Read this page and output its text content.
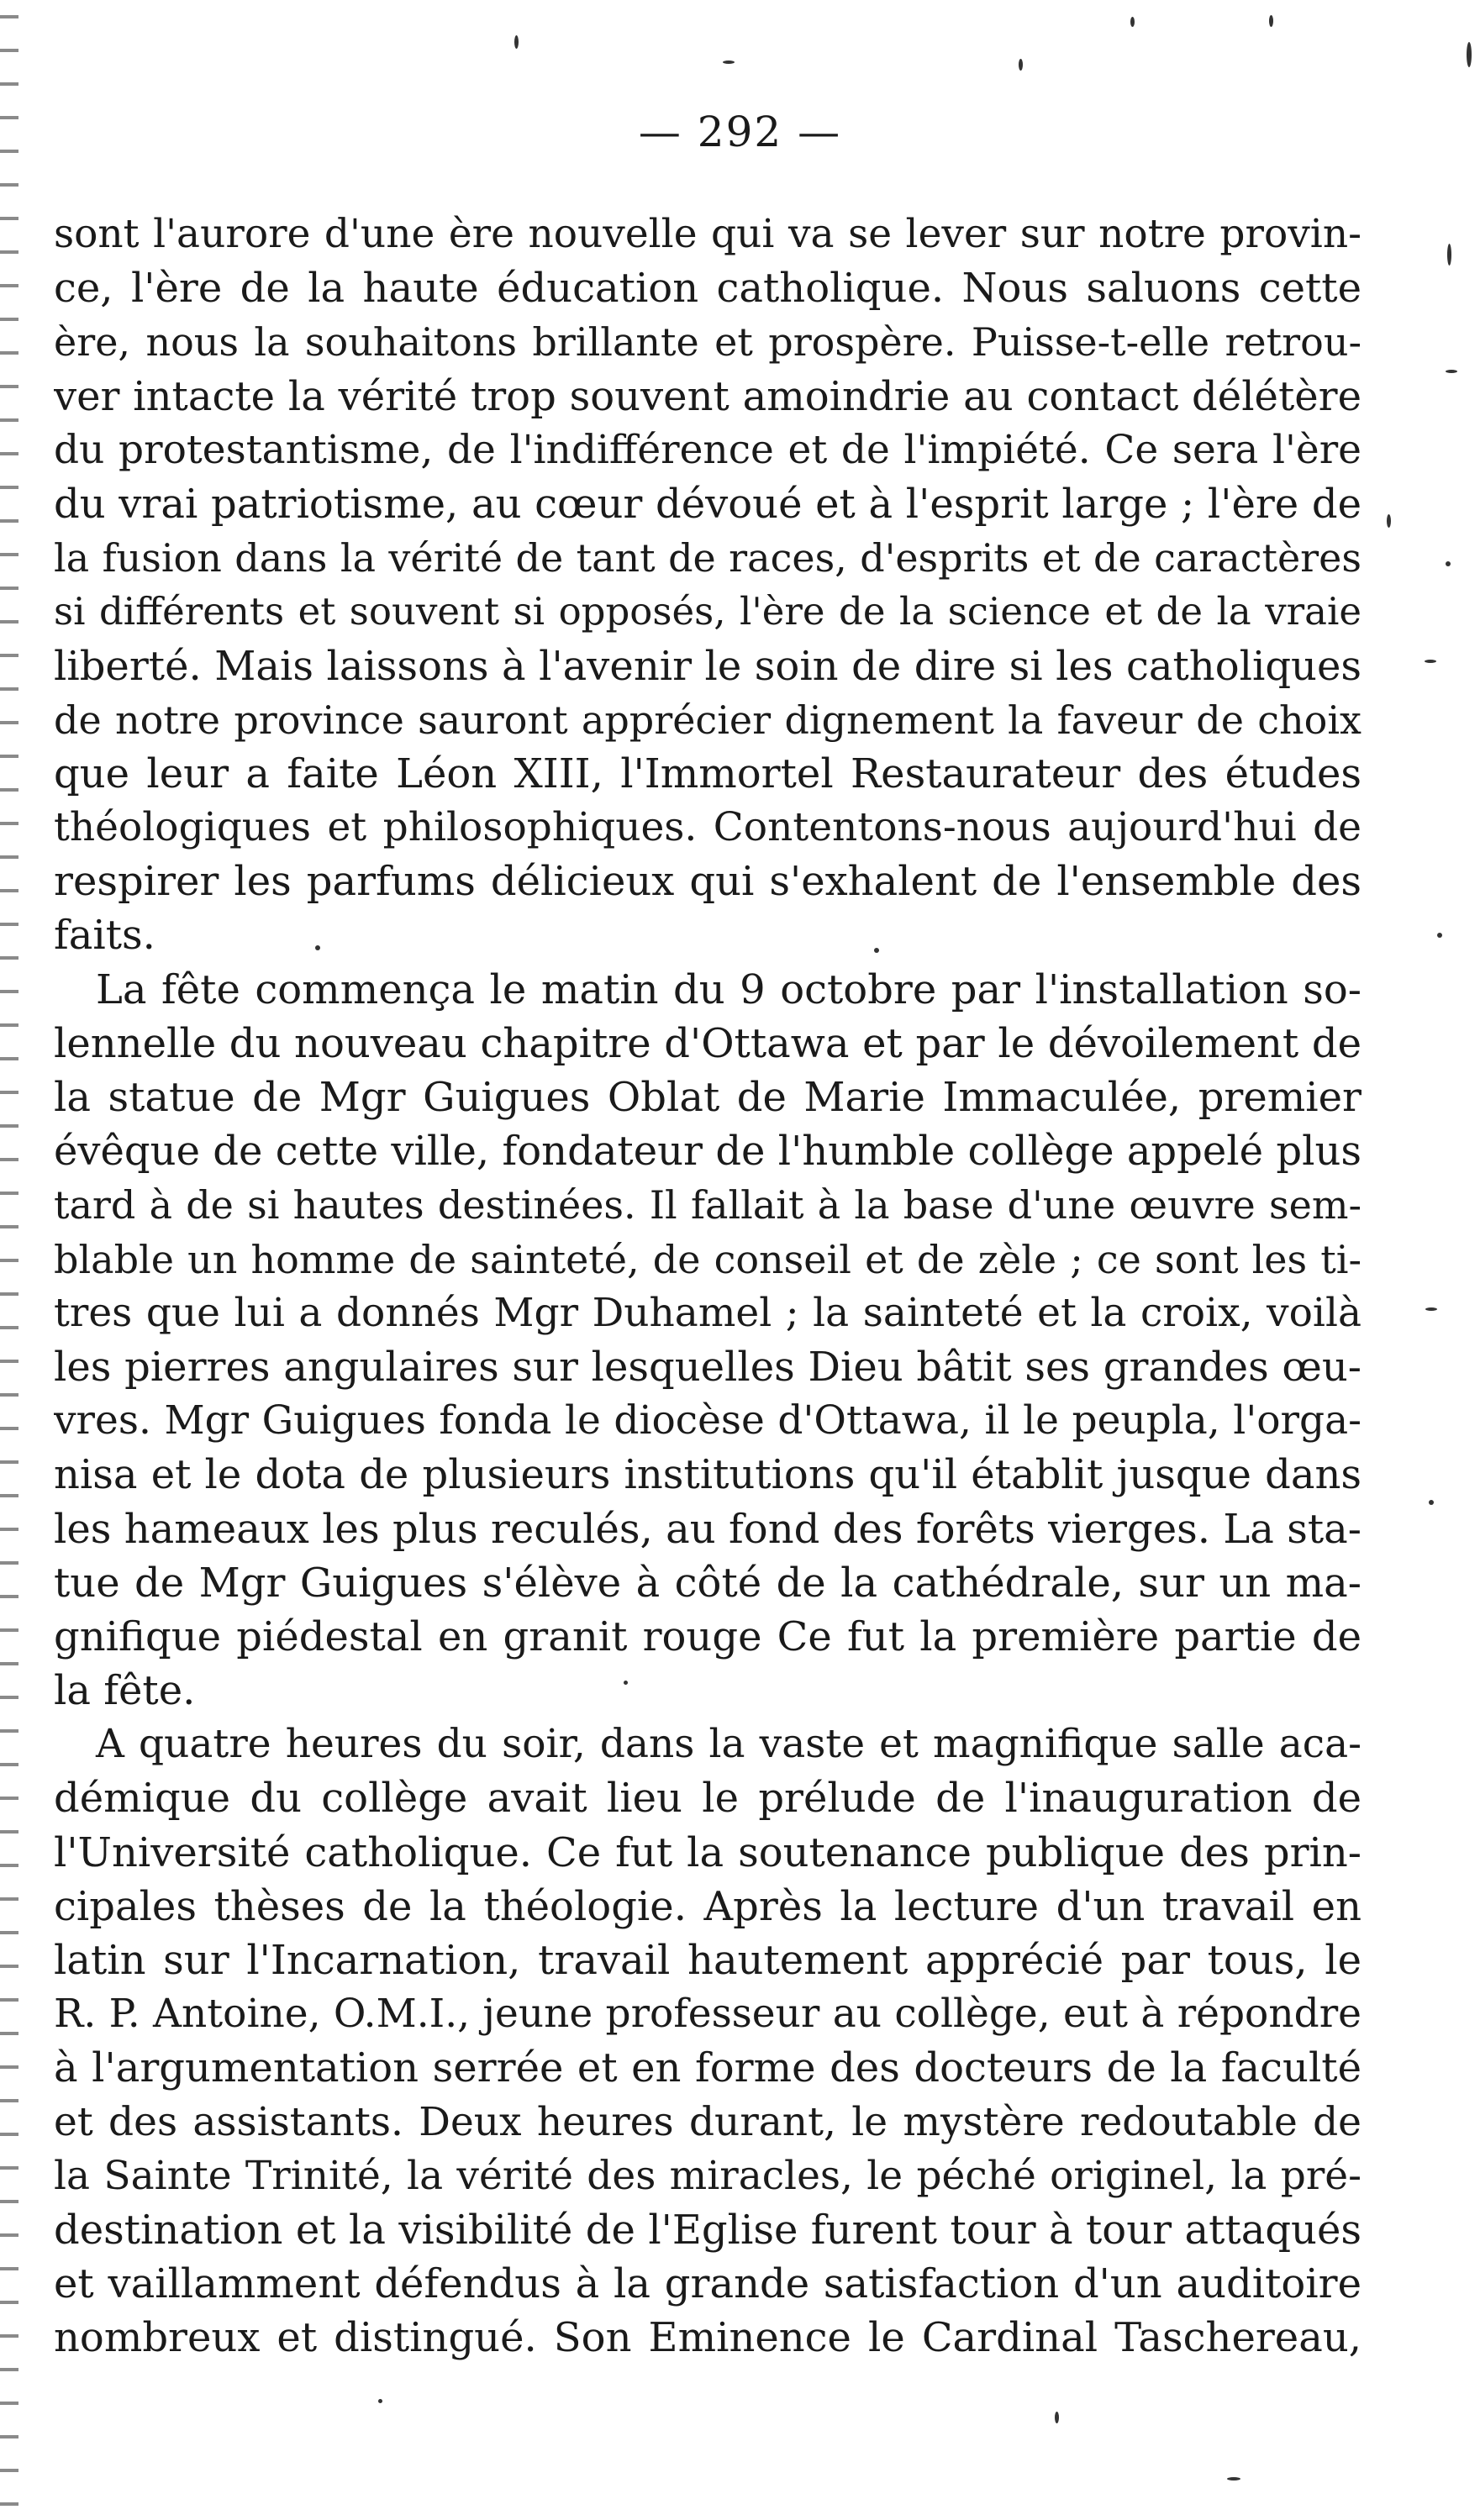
— 292 —
sont l'aurore d'une ère nouvelle qui va se lever sur notre provin-
ce, l'ère de la haute éducation catholique. Nous saluons cette
ère, nous la souhaitons brillante et prospère. Puisse-t-elle retrou-
ver intacte la vérité trop souvent amoindrie au contact délétère
du protestantisme, de l'indifférence et de l'impiété. Ce sera l'ère
du vrai patriotisme, au cœur dévoué et à l'esprit large ; l'ère de
la fusion dans la vérité de tant de races, d'esprits et de caractères
si différents et souvent si opposés, l'ère de la science et de la vraie
liberté. Mais laissons à l'avenir le soin de dire si les catholiques
de notre province sauront apprécier dignement la faveur de choix
que leur a faite Léon XIII, l'Immortel Restaurateur des études
théologiques et philosophiques. Contentons-nous aujourd'hui de
respirer les parfums délicieux qui s'exhalent de l'ensemble des
faits.
La fête commença le matin du 9 octobre par l'installation so-
lennelle du nouveau chapitre d'Ottawa et par le dévoilement de
la statue de Mgr Guigues Oblat de Marie Immaculée, premier
évêque de cette ville, fondateur de l'humble collège appelé plus
tard à de si hautes destinées. Il fallait à la base d'une œuvre sem-
blable un homme de sainteté, de conseil et de zèle ; ce sont les ti-
tres que lui a donnés Mgr Duhamel ; la sainteté et la croix, voilà
les pierres angulaires sur lesquelles Dieu bâtit ses grandes œu-
vres. Mgr Guigues fonda le diocèse d'Ottawa, il le peupla, l'orga-
nisa et le dota de plusieurs institutions qu'il établit jusque dans
les hameaux les plus reculés, au fond des forêts vierges. La sta-
tue de Mgr Guigues s'élève à côté de la cathédrale, sur un ma-
gnifique piédestal en granit rouge Ce fut la première partie de
la fête.
A quatre heures du soir, dans la vaste et magnifique salle aca-
démique du collège avait lieu le prélude de l'inauguration de
l'Université catholique. Ce fut la soutenance publique des prin-
cipales thèses de la théologie. Après la lecture d'un travail en
latin sur l'Incarnation, travail hautement apprécié par tous, le
R. P. Antoine, O.M.I., jeune professeur au collège, eut à répondre
à l'argumentation serrée et en forme des docteurs de la faculté
et des assistants. Deux heures durant, le mystère redoutable de
la Sainte Trinité, la vérité des miracles, le péché originel, la pré-
destination et la visibilité de l'Eglise furent tour à tour attaqués
et vaillamment défendus à la grande satisfaction d'un auditoire
nombreux et distingué. Son Eminence le Cardinal Taschereau,
